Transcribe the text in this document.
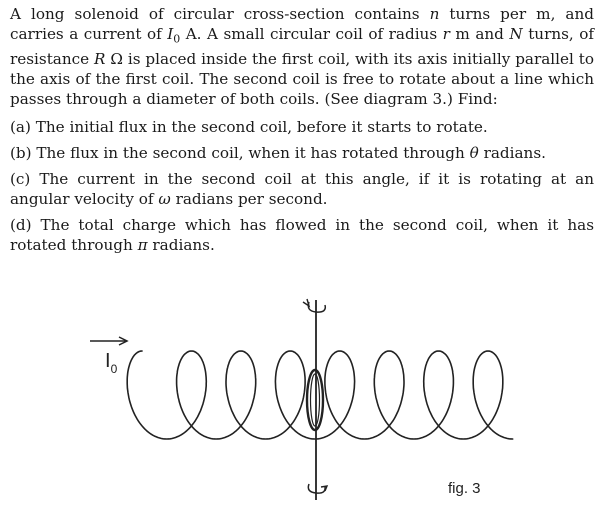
A long solenoid of circular cross-section contains n turns per m, and carries a current of $I_0$ A. A small circular coil of radius r m and N turns, of resistance R Ω is placed inside the first coil, with its axis initially parallel to the axis of the first coil. The second coil is free to rotate about a line which passes through a diameter of both coils. (See diagram 3.) Find:

(a) The initial flux in the second coil, before it starts to rotate.

(b) The flux in the second coil, when it has rotated through θ radians.

(c) The current in the second coil at this angle, if it is rotating at an angular velocity of ω radians per second.

(d) The total charge which has flowed in the second coil, when it has rotated through π radians.

$I_0$
fig. 3
